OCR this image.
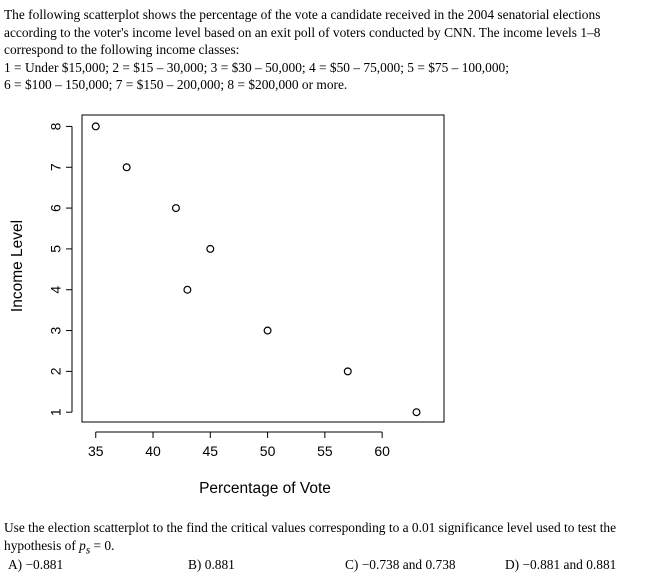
The following scatterplot shows the percentage of the vote a candidate received in the 2004 senatorial elections

according to the voter's income level based on an exit poll of voters conducted by CNN. The income levels 1–8

correspond to the following income classes:

1 = Under $15,000; 2 = $15 – 30,000; 3 = $30 – 50,000; 4 = $50 – 75,000; 5 = $75 – 100,000;

6 = $100 – 150,000; 7 = $150 – 200,000; 8 = $200,000 or more.

35	40	45	50	55	60
1
2
3
4
5
6
7
8
Percentage of Vote
Income Level

Use the election scatterplot to the find the critical values corresponding to a 0.01 significance level used to test the

hypothesis of $p_s = 0$.

A) −0.881	B) 0.881	C) −0.738 and 0.738	D) −0.881 and 0.881
